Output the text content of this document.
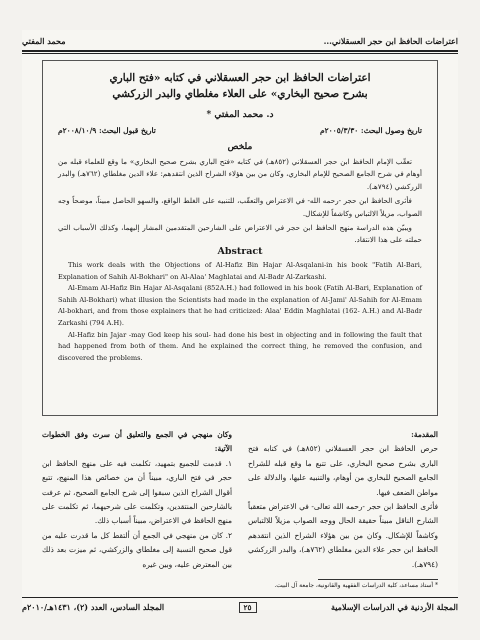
اعتراضات الحافظ ابن حجر العسقلاني...
محمد المفتي
اعتراضات الحافظ ابن حجر العسقلاني في كتابه «فتح الباري
بشرح صحيح البخاري» على العلاء مغلطاي والبدر الزركشي
د. محمد المفتي *
تاريخ وصول البحث: ٢٠٠٥/٣/٣٠م
تاريخ قبول البحث: ٢٠٠٨/١٠/٩م
ملخص

تعقّب الإمام الحافظ ابن حجر العسقلاني (٨٥٢هـ) في كتابه «فتح الباري بشرح صحيح البخاري» ما وقع للعلماء قبله من أوهام في شرح الجامع الصحيح للإمام البخاري، وكان من بين هؤلاء الشراح الذين انتقدهم: علاء الدين مغلطاي (٧٦٢هـ) والبدر الزركشي (٧٩٤هـ).

فأثرى الحافظ ابن حجر -رحمه الله- في الاعتراض والتعقّب، للتنبيه على الغلط الواقع، والسهو الحاصل مبيناً، موضحاً وجه الصواب، مزيلاً الالتباس وكاشفاً للإشكال.

ويبيّن هذه الدراسة منهج الحافظ ابن حجر في الاعتراض على الشارحين المتقدمين المشار إليهما، وكذلك الأسباب التي حملته على هذا الانتقاد.

Abstract

This work deals with the Objections of Al-Hafiz Bin Hajar Al-Asqalani-in his book "Fatih Al-Bari, Explanation of Sahih Al-Bokhari" on Al-Alaa' Maghlatai and Al-Badr Al-Zarkashi.

Al-Emam Al-Hafiz Bin Hajar Al-Asqalani (852A.H.) had followed in his book (Fatih Al-Bari, Explanation of Sahih Al-Bokhari) what illusion the Scientists had made in the explanation of Al-Jami' Al-Sahih for Al-Emam Al-bokhari, and from those explainers that he had criticized: Alaa' Eddin Maghlatai (162- A.H.) and Al-Badr Zarkashi (794 A.H).

Al-Hafiz bin Jajar -may God keep his soul- had done his best in objecting and in following the fault that had happened from both of them. And he explained the correct thing, he removed the confusion, and discovered the problems.

المقدمة:

حرص الحافظ ابن حجر العسقلاني (٨٥٢هـ) في كتابه فتح الباري بشرح صحيح البخاري، على تتبع ما وقع قبله للشراح الجامع الصحيح للبخاري من أوهام، والتنبيه عليها، والدلالة على مواطن الضعف فيها.

فأثرى الحافظ ابن حجر -رحمه الله تعالى- في الاعتراض متعقباً الشارح الناقل مبيناً حقيقة الحال ووجه الصواب مزيلاً للالتباس وكاشفاً للإشكال. وكان من بين هؤلاء الشراح الذين انتقدهم الحافظ ابن حجر علاء الدين مغلطاي (٧٦٢هـ)، والبدر الزركشي (٧٩٤هـ).

وكان منهجي في الجمع والتعليق أن سرت وفق الخطوات الآتية:

١. قدمت للجميع بتمهيد، تكلمت فيه على منهج الحافظ ابن حجر في فتح الباري، مبيناً أن من خصائص هذا المنهج، تتبع أقوال الشراح الذين سبقوا إلى شرح الجامع الصحيح، ثم عرفت بالشارحين المنتقدين، وتكلمت على شرحيهما، ثم تكلمت على منهج الحافظ في الاعتراض، مبيناً أسباب ذلك.

٢. كان من منهجي في الجمع أن ألتقط كل ما قدرت عليه من قول صحيح النسبة إلى مغلطاي والزركشي، ثم ميزت بعد ذلك بين المعترض عليه، وبين غيره

* أستاذ مساعد، كلية الدراسات الفقهية والقانونية، جامعة آل البيت.
المجلة الأردنية في الدراسات الإسلامية
٢٥
المجلد السادس، العدد (٢)، ١٤٣١هـ/٢٠١٠م
